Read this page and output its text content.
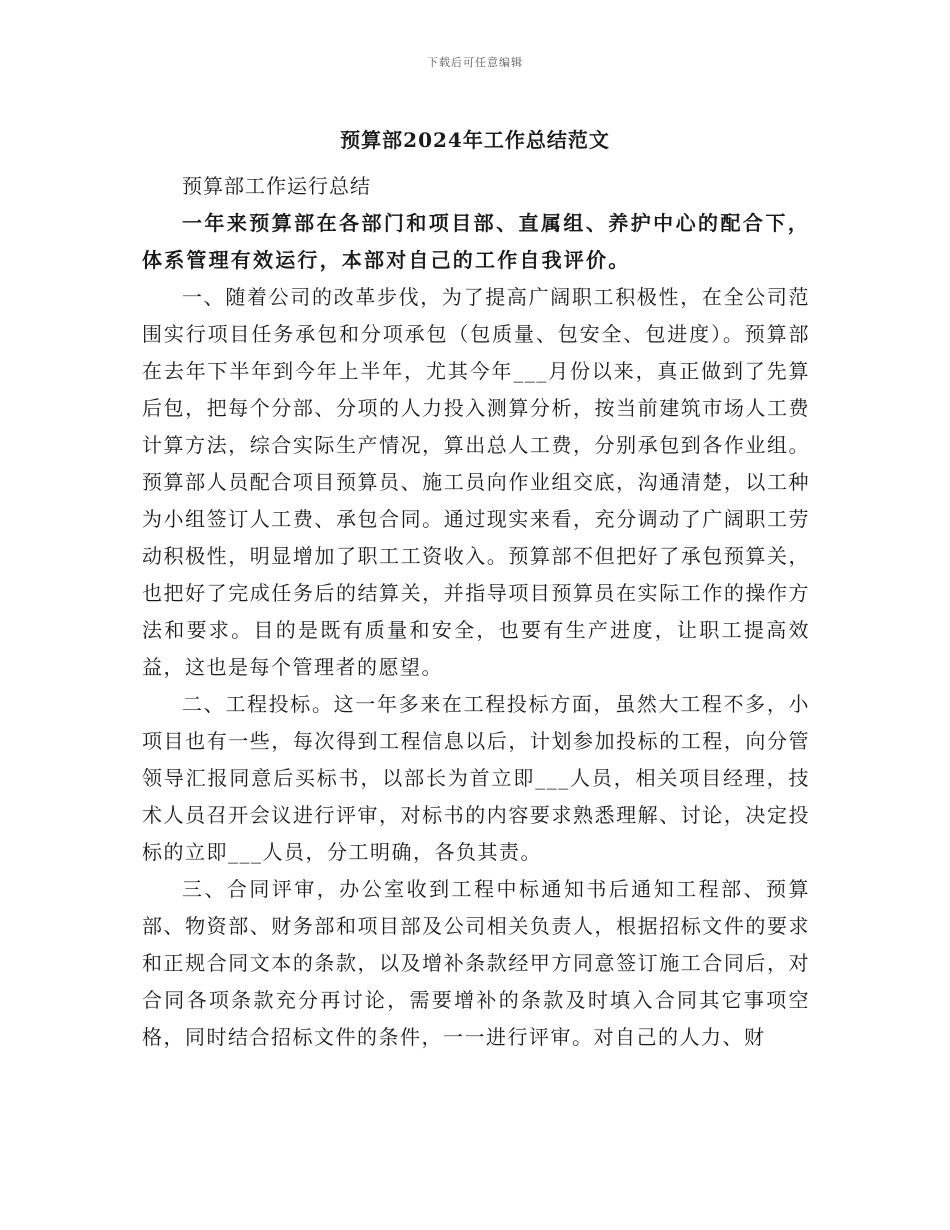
下载后可任意编辑
预算部2024年工作总结范文

预算部工作运行总结

一年来预算部在各部门和项目部、直属组、养护中心的配合下，体系管理有效运行，本部对自己的工作自我评价。

一、随着公司的改革步伐，为了提高广阔职工积极性，在全公司范围实行项目任务承包和分项承包（包质量、包安全、包进度）。预算部在去年下半年到今年上半年，尤其今年___月份以来，真正做到了先算后包，把每个分部、分项的人力投入测算分析，按当前建筑市场人工费计算方法，综合实际生产情况，算出总人工费，分别承包到各作业组。预算部人员配合项目预算员、施工员向作业组交底，沟通清楚，以工种为小组签订人工费、承包合同。通过现实来看，充分调动了广阔职工劳动积极性，明显增加了职工工资收入。预算部不但把好了承包预算关，也把好了完成任务后的结算关，并指导项目预算员在实际工作的操作方法和要求。目的是既有质量和安全，也要有生产进度，让职工提高效益，这也是每个管理者的愿望。

二、工程投标。这一年多来在工程投标方面，虽然大工程不多，小项目也有一些，每次得到工程信息以后，计划参加投标的工程，向分管领导汇报同意后买标书，以部长为首立即___人员，相关项目经理，技术人员召开会议进行评审，对标书的内容要求熟悉理解、讨论，决定投标的立即___人员，分工明确，各负其责。

三、合同评审，办公室收到工程中标通知书后通知工程部、预算部、物资部、财务部和项目部及公司相关负责人，根据招标文件的要求和正规合同文本的条款，以及增补条款经甲方同意签订施工合同后，对合同各项条款充分再讨论，需要增补的条款及时填入合同其它事项空格，同时结合招标文件的条件，一一进行评审。对自己的人力、财
